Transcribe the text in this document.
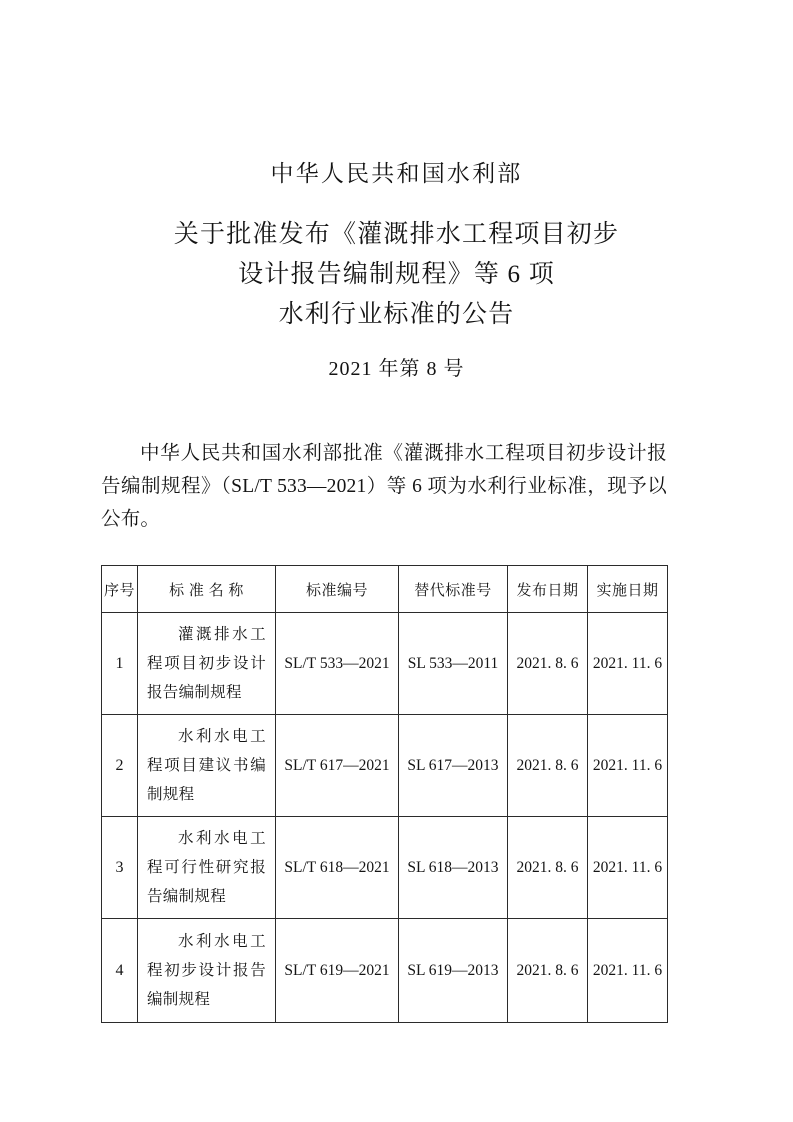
中华人民共和国水利部
关于批准发布《灌溉排水工程项目初步
设计报告编制规程》等 6 项
水利行业标准的公告
2021 年第 8 号
中华人民共和国水利部批准《灌溉排水工程项目初步设计报告编制规程》（SL/T 533—2021）等 6 项为水利行业标准，现予以公布。
序号	标 准 名 称	标准编号	替代标准号	发布日期	实施日期
1	灌溉排水工程项目初步设计报告编制规程	SL/T 533—2021	SL 533—2011	2021. 8. 6	2021. 11. 6
2	水利水电工程项目建议书编制规程	SL/T 617—2021	SL 617—2013	2021. 8. 6	2021. 11. 6
3	水利水电工程可行性研究报告编制规程	SL/T 618—2021	SL 618—2013	2021. 8. 6	2021. 11. 6
4	水利水电工程初步设计报告编制规程	SL/T 619—2021	SL 619—2013	2021. 8. 6	2021. 11. 6
